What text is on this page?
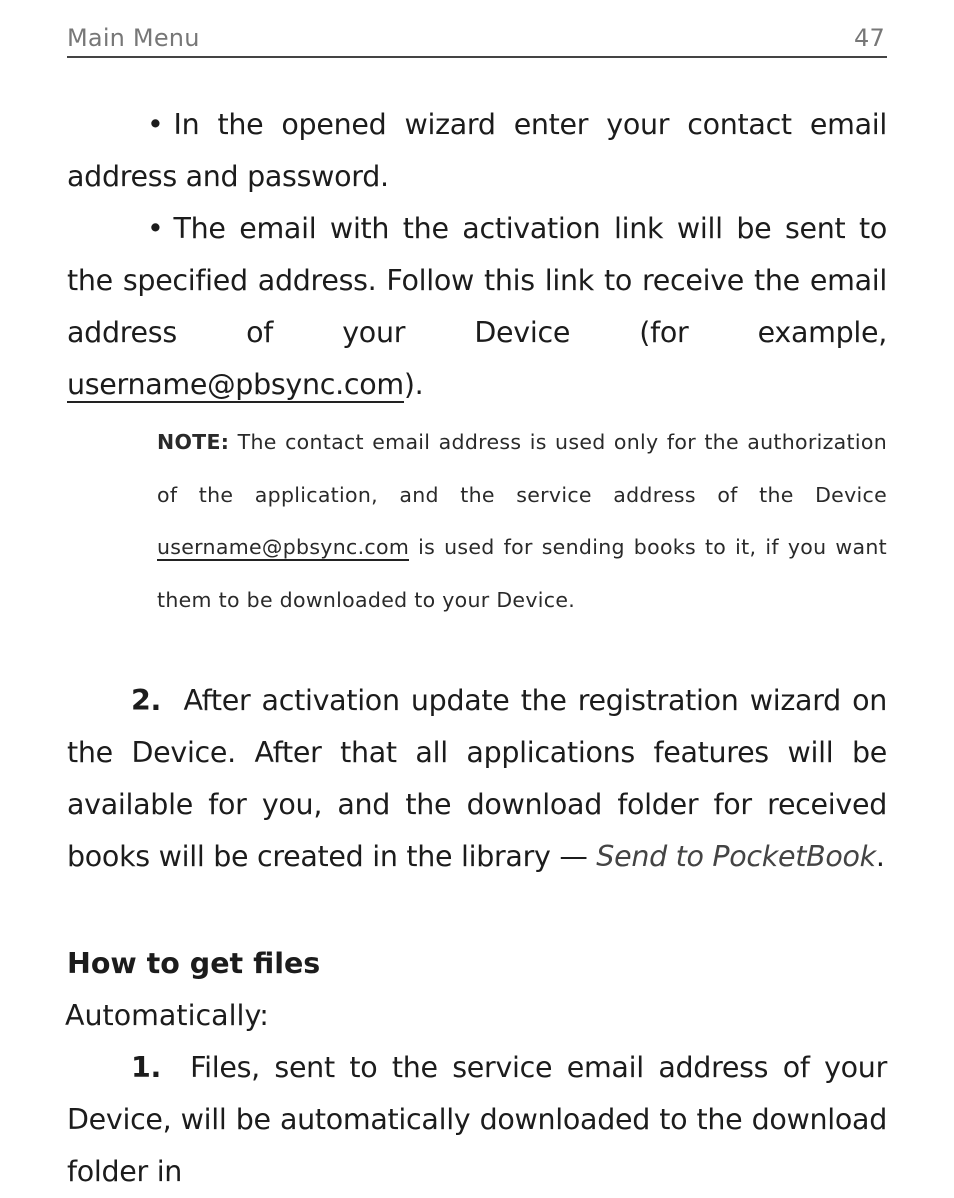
Main Menu	47
• In the opened wizard enter your contact email address and password.
• The email with the activation link will be sent to the specified address. Follow this link to receive the email address of your Device (for example, username@pbsync.com).
NOTE: The contact email address is used only for the authorization of the application, and the service address of the Device username@pbsync.com is used for sending books to it, if you want them to be downloaded to your Device.
2. After activation update the registration wizard on the Device. After that all applications features will be available for you, and the download folder for received books will be created in the library — Send to PocketBook.
How to get files
Automatically:
1. Files, sent to the service email address of your Device, will be automatically downloaded to the download folder in
